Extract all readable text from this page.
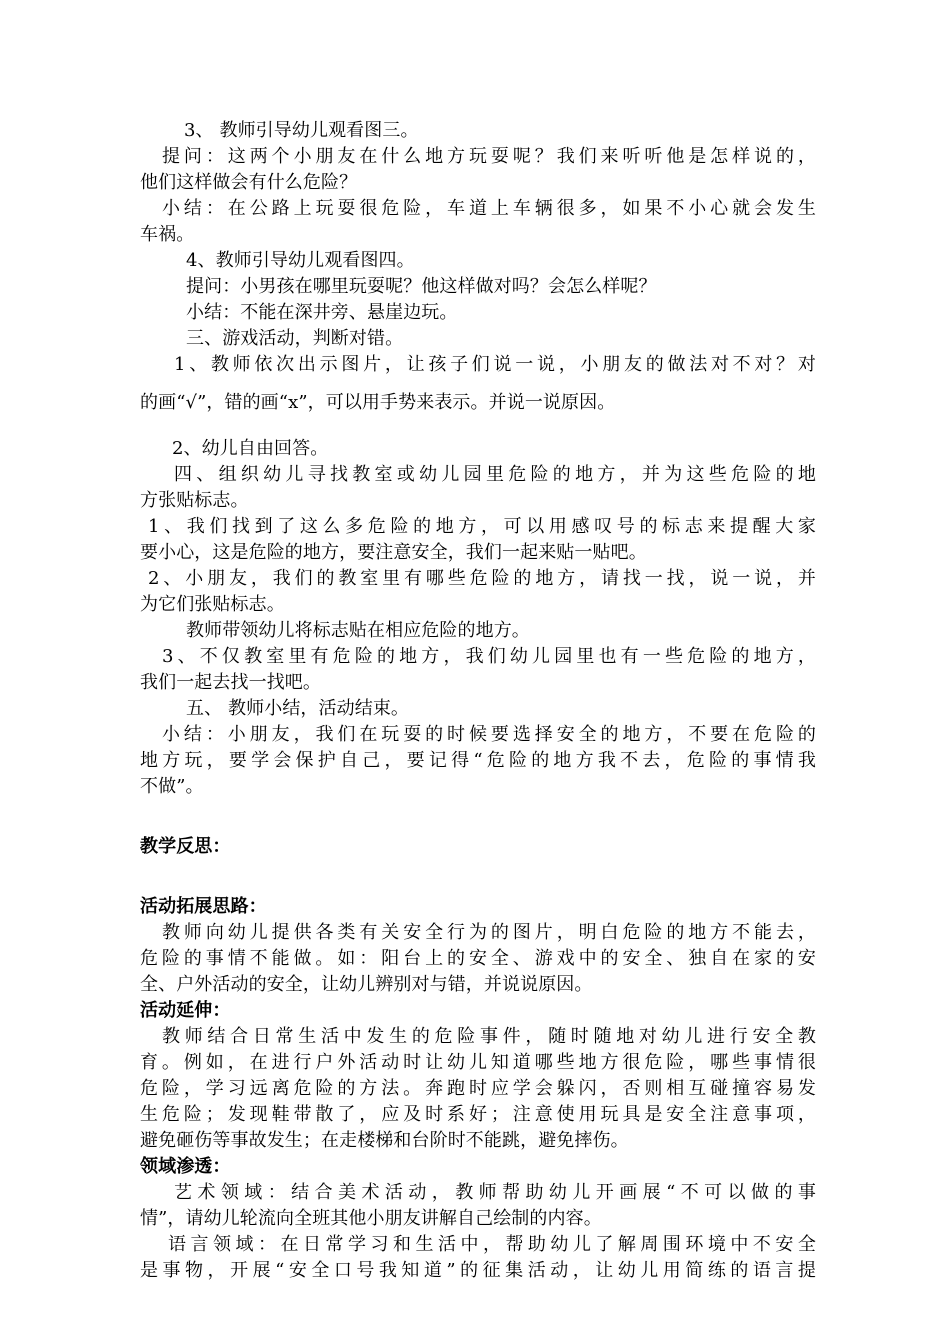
3、 教师引导幼儿观看图三。
提问：这两个小朋友在什么地方玩耍呢？我们来听听他是怎样说的，
他们这样做会有什么危险？
小结：在公路上玩耍很危险，车道上车辆很多，如果不小心就会发生
车祸。
4、教师引导幼儿观看图四。
提问：小男孩在哪里玩耍呢？他这样做对吗？会怎么样呢？
小结：不能在深井旁、悬崖边玩。
三、游戏活动，判断对错。
1、教师依次出示图片，让孩子们说一说，小朋友的做法对不对？对
的画“√”，错的画“x”，可以用手势来表示。并说一说原因。
2、幼儿自由回答。
四、组织幼儿寻找教室或幼儿园里危险的地方，并为这些危险的地
方张贴标志。
1、我们找到了这么多危险的地方，可以用感叹号的标志来提醒大家
要小心，这是危险的地方，要注意安全，我们一起来贴一贴吧。
2、小朋友，我们的教室里有哪些危险的地方，请找一找，说一说，并
为它们张贴标志。
教师带领幼儿将标志贴在相应危险的地方。
3、不仅教室里有危险的地方，我们幼儿园里也有一些危险的地方，
我们一起去找一找吧。
五、 教师小结，活动结束。
小结：小朋友，我们在玩耍的时候要选择安全的地方，不要在危险的
地方玩，要学会保护自己，要记得“危险的地方我不去，危险的事情我
不做”。
教学反思：
活动拓展思路：
教师向幼儿提供各类有关安全行为的图片，明白危险的地方不能去，
危险的事情不能做。如：阳台上的安全、游戏中的安全、独自在家的安
全、户外活动的安全，让幼儿辨别对与错，并说说原因。
活动延伸：
教师结合日常生活中发生的危险事件，随时随地对幼儿进行安全教
育。例如，在进行户外活动时让幼儿知道哪些地方很危险，哪些事情很
危险，学习远离危险的方法。奔跑时应学会躲闪，否则相互碰撞容易发
生危险；发现鞋带散了，应及时系好；注意使用玩具是安全注意事项，
避免砸伤等事故发生；在走楼梯和台阶时不能跳，避免摔伤。
领域渗透：
艺术领域：结合美术活动，教师帮助幼儿开画展“不可以做的事
情”，请幼儿轮流向全班其他小朋友讲解自己绘制的内容。
语言领域：在日常学习和生活中，帮助幼儿了解周围环境中不安全
是事物，开展“安全口号我知道”的征集活动，让幼儿用简练的语言提
